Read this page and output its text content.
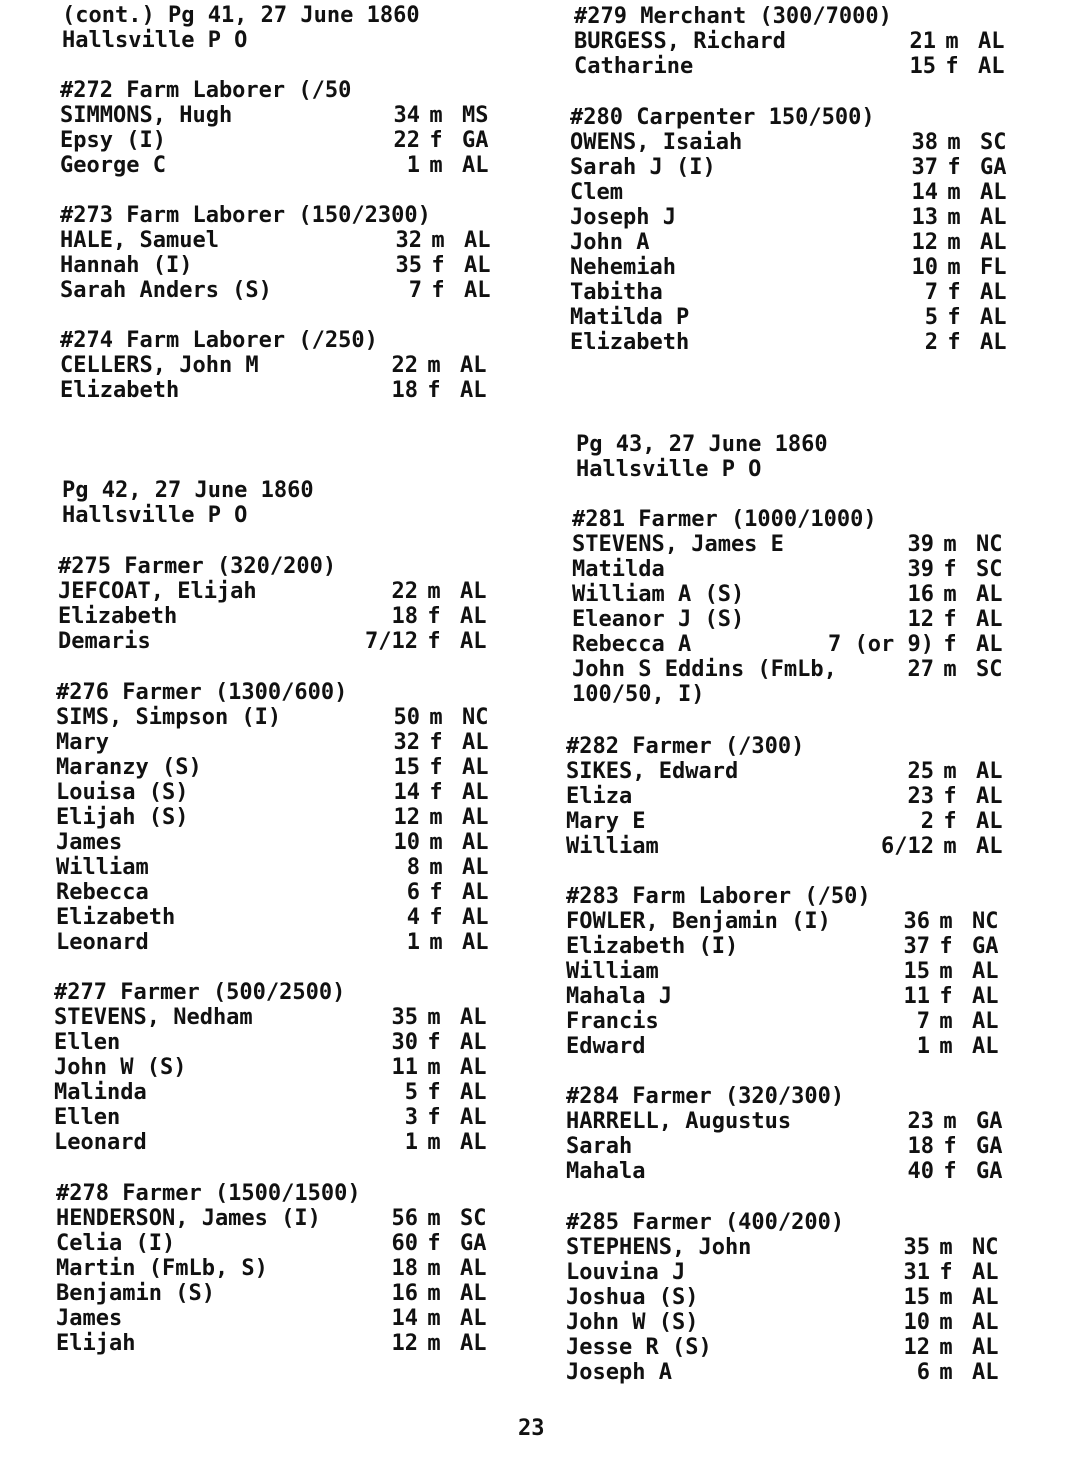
(cont.) Pg 41, 27 June 1860
Hallsville P O
#272 Farm Laborer (/50
SIMMONS, Hugh	34 m MS
Epsy (I)	22 f GA
George C	1 m AL
#273 Farm Laborer (150/2300)
HALE, Samuel	32 m AL
Hannah (I)	35 f AL
Sarah Anders (S)	7 f AL
#274 Farm Laborer (/250)
CELLERS, John M	22 m AL
Elizabeth	18 f AL
Pg 42, 27 June 1860
Hallsville P O
#275 Farmer (320/200)
JEFCOAT, Elijah	22 m AL
Elizabeth	18 f AL
Demaris	7/12 f AL
#276 Farmer (1300/600)
SIMS, Simpson (I)	50 m NC
Mary	32 f AL
Maranzy (S)	15 f AL
Louisa (S)	14 f AL
Elijah (S)	12 m AL
James	10 m AL
William	8 m AL
Rebecca	6 f AL
Elizabeth	4 f AL
Leonard	1 m AL
#277 Farmer (500/2500)
STEVENS, Nedham	35 m AL
Ellen	30 f AL
John W (S)	11 m AL
Malinda	5 f AL
Ellen	3 f AL
Leonard	1 m AL
#278 Farmer (1500/1500)
HENDERSON, James (I)	56 m SC
Celia (I)	60 f GA
Martin (FmLb, S)	18 m AL
Benjamin (S)	16 m AL
James	14 m AL
Elijah	12 m AL
#279 Merchant (300/7000)
BURGESS, Richard	21 m AL
Catharine	15 f AL
#280 Carpenter 150/500)
OWENS, Isaiah	38 m SC
Sarah J (I)	37 f GA
Clem	14 m AL
Joseph J	13 m AL
John A	12 m AL
Nehemiah	10 m FL
Tabitha	7 f AL
Matilda P	5 f AL
Elizabeth	2 f AL
Pg 43, 27 June 1860
Hallsville P O
#281 Farmer (1000/1000)
STEVENS, James E	39 m NC
Matilda	39 f SC
William A (S)	16 m AL
Eleanor J (S)	12 f AL
Rebecca A	7 (or 9) f AL
John S Eddins (FmLb,	27 m SC
100/50, I)
#282 Farmer (/300)
SIKES, Edward	25 m AL
Eliza	23 f AL
Mary E	2 f AL
William	6/12 m AL
#283 Farm Laborer (/50)
FOWLER, Benjamin (I)	36 m NC
Elizabeth (I)	37 f GA
William	15 m AL
Mahala J	11 f AL
Francis	7 m AL
Edward	1 m AL
#284 Farmer (320/300)
HARRELL, Augustus	23 m GA
Sarah	18 f GA
Mahala	40 f GA
#285 Farmer (400/200)
STEPHENS, John	35 m NC
Louvina J	31 f AL
Joshua (S)	15 m AL
John W (S)	10 m AL
Jesse R (S)	12 m AL
Joseph A	6 m AL
23
